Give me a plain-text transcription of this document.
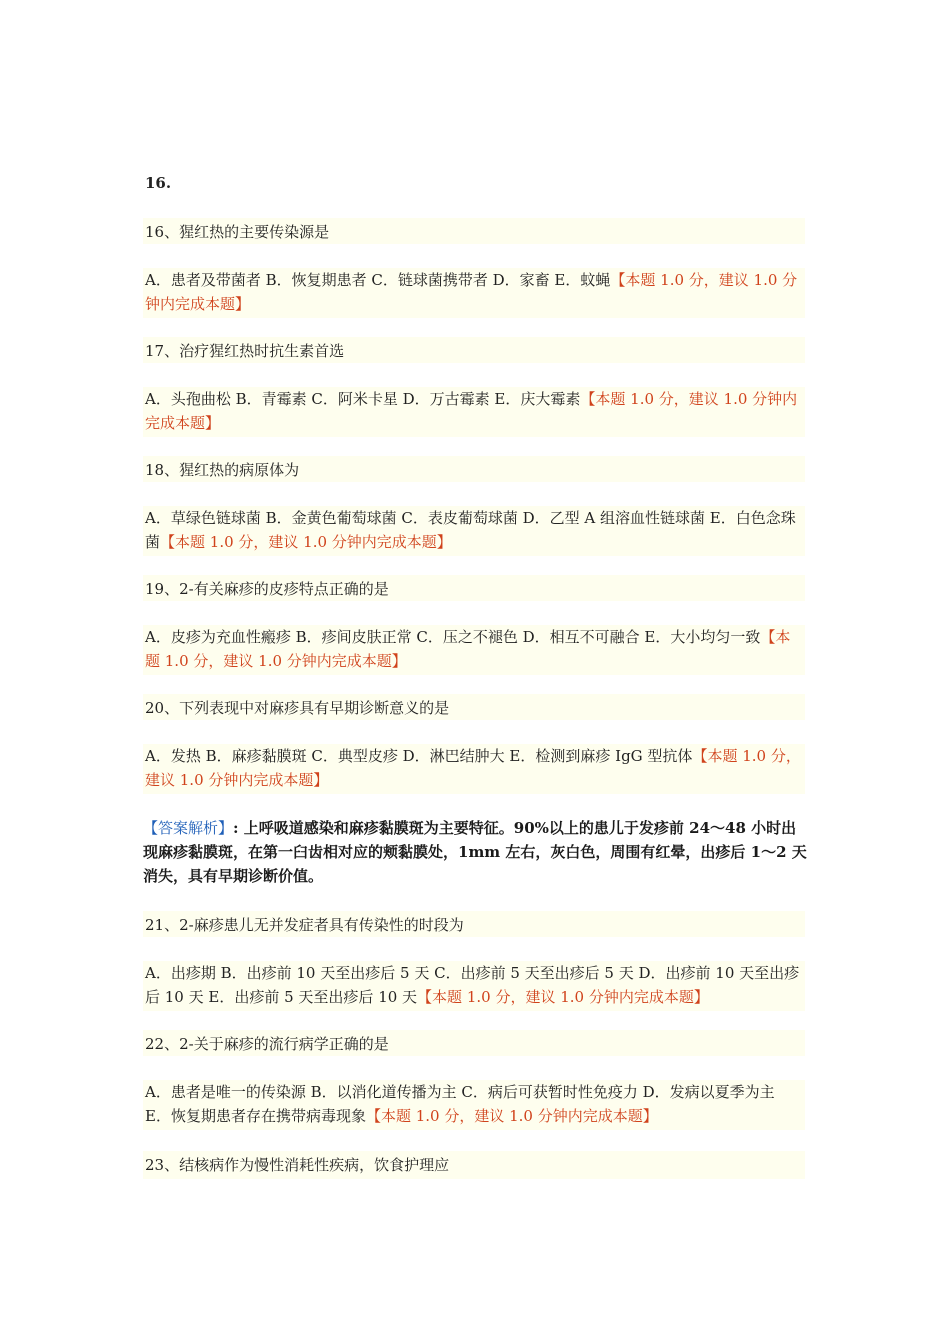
16.

16、猩红热的主要传染源是

A．患者及带菌者 B．恢复期患者 C．链球菌携带者 D．家畜 E．蚊蝇【本题 1.0 分，建议 1.0 分钟内完成本题】

17、治疗猩红热时抗生素首选

A．头孢曲松 B．青霉素 C．阿米卡星 D．万古霉素 E．庆大霉素【本题 1.0 分，建议 1.0 分钟内完成本题】

18、猩红热的病原体为

A．草绿色链球菌 B．金黄色葡萄球菌 C．表皮葡萄球菌 D．乙型 A 组溶血性链球菌 E．白色念珠菌【本题 1.0 分，建议 1.0 分钟内完成本题】

19、2-有关麻疹的皮疹特点正确的是

A．皮疹为充血性瘢疹 B．疹间皮肤正常 C．压之不褪色 D．相互不可融合 E．大小均匀一致【本题 1.0 分，建议 1.0 分钟内完成本题】

20、下列表现中对麻疹具有早期诊断意义的是

A．发热 B．麻疹黏膜斑 C．典型皮疹 D．淋巴结肿大 E．检测到麻疹 IgG 型抗体【本题 1.0 分，建议 1.0 分钟内完成本题】

【答案解析】: 上呼吸道感染和麻疹黏膜斑为主要特征。90%以上的患儿于发疹前 24～48 小时出现麻疹黏膜斑，在第一臼齿相对应的颊黏膜处，1mm 左右，灰白色，周围有红晕，出疹后 1～2 天消失，具有早期诊断价值。

21、2-麻疹患儿无并发症者具有传染性的时段为

A．出疹期 B．出疹前 10 天至出疹后 5 天 C．出疹前 5 天至出疹后 5 天 D．出疹前 10 天至出疹后 10 天 E．出疹前 5 天至出疹后 10 天【本题 1.0 分，建议 1.0 分钟内完成本题】

22、2-关于麻疹的流行病学正确的是

A．患者是唯一的传染源 B．以消化道传播为主 C．病后可获暂时性免疫力 D．发病以夏季为主 E．恢复期患者存在携带病毒现象【本题 1.0 分，建议 1.0 分钟内完成本题】

23、结核病作为慢性消耗性疾病，饮食护理应
